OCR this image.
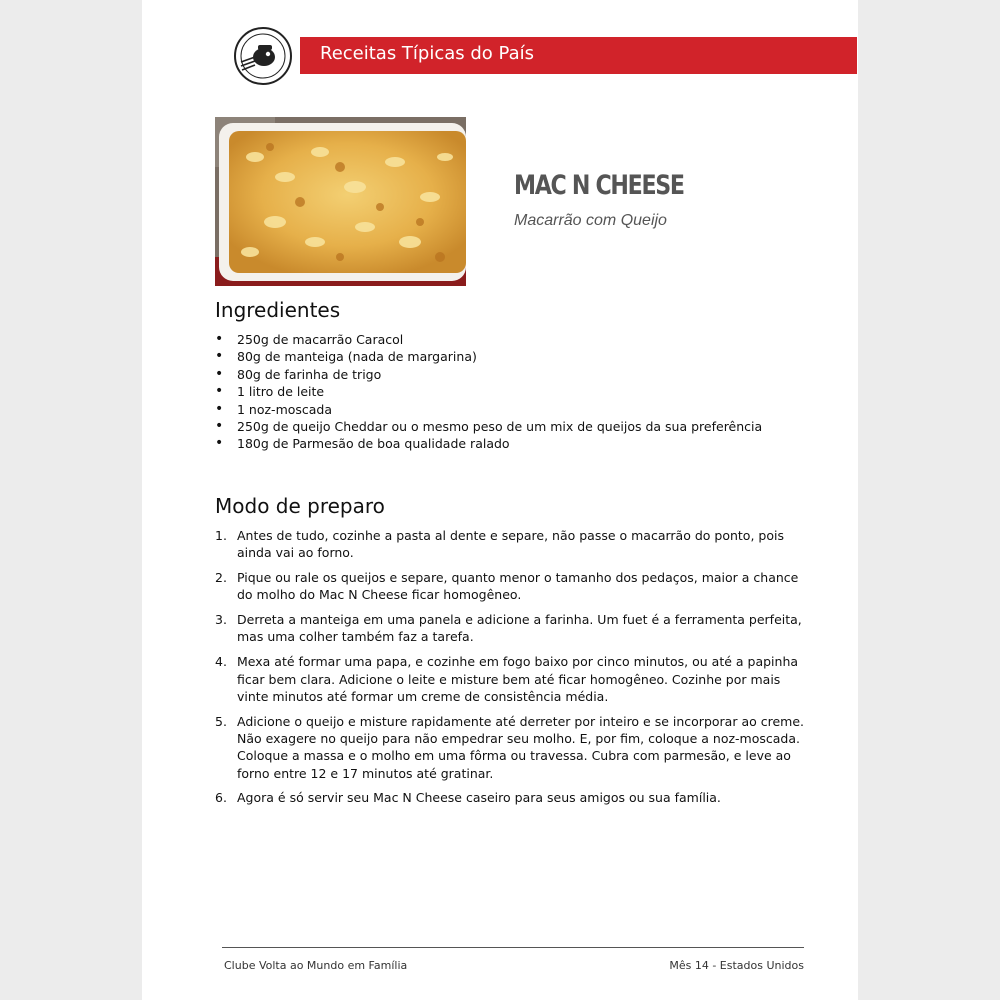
Receitas Típicas do País
MAC N CHEESE
Macarrão com Queijo
Ingredientes
• 250g de macarrão Caracol
• 80g de manteiga (nada de margarina)
• 80g de farinha de trigo
• 1 litro de leite
• 1 noz-moscada
• 250g de queijo Cheddar ou o mesmo peso de um mix de queijos da sua preferência
• 180g de Parmesão de boa qualidade ralado
Modo de preparo
1. Antes de tudo, cozinhe a pasta al dente e separe, não passe o macarrão do ponto, pois ainda vai ao forno.
2. Pique ou rale os queijos e separe, quanto menor o tamanho dos pedaços, maior a chance do molho do Mac N Cheese ficar homogêneo.
3. Derreta a manteiga em uma panela e adicione a farinha. Um fuet é a ferramenta perfeita, mas uma colher também faz a tarefa.
4. Mexa até formar uma papa, e cozinhe em fogo baixo por cinco minutos, ou até a papinha ficar bem clara. Adicione o leite e misture bem até ficar homogêneo. Cozinhe por mais vinte minutos até formar um creme de consistência média.
5. Adicione o queijo e misture rapidamente até derreter por inteiro e se incorporar ao creme. Não exagere no queijo para não empedrar seu molho. E, por fim, coloque a noz-moscada. Coloque a massa e o molho em uma fôrma ou travessa. Cubra com parmesão, e leve ao forno entre 12 e 17 minutos até gratinar.
6. Agora é só servir seu Mac N Cheese caseiro para seus amigos ou sua família.
Clube Volta ao Mundo em Família	Mês 14 - Estados Unidos
